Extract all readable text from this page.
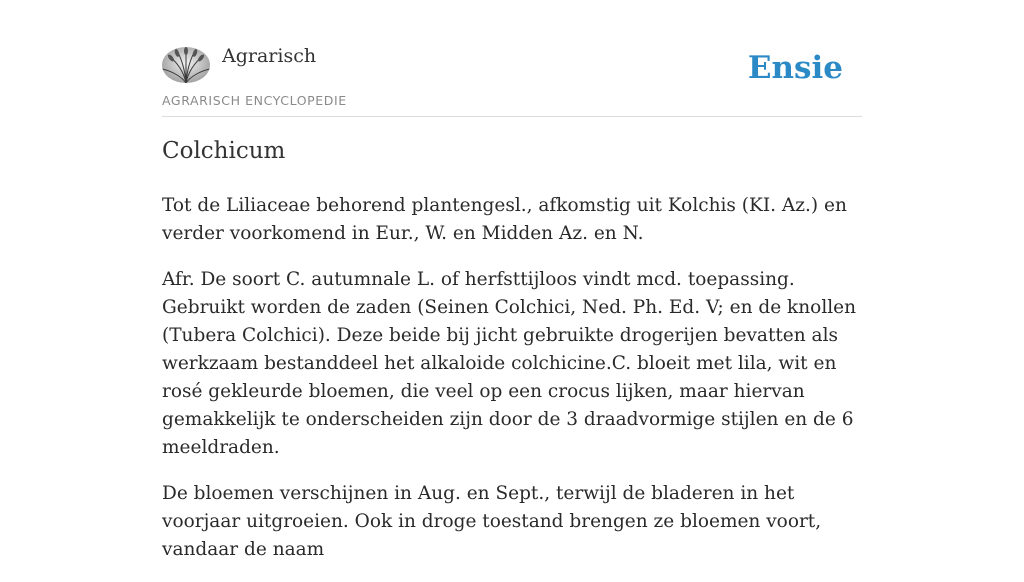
Agrarisch
AGRARISCH ENCYCLOPEDIE
Ensie
Colchicum

Tot de Liliaceae behorend plantengesl., afkomstig uit Kolchis (KI. Az.) en verder voorkomend in Eur., W. en Midden Az. en N.

Afr. De soort C. autumnale L. of herfsttijloos vindt mcd. toepassing. Gebruikt worden de zaden (Seinen Colchici, Ned. Ph. Ed. V; en de knollen (Tubera Colchici). Deze beide bij jicht gebruikte drogerijen bevatten als werkzaam bestanddeel het alkaloide colchicine.C. bloeit met lila, wit en rosé gekleurde bloemen, die veel op een crocus lijken, maar hiervan gemakkelijk te onderscheiden zijn door de 3 draadvormige stijlen en de 6 meeldraden.

De bloemen verschijnen in Aug. en Sept., terwijl de bladeren in het voorjaar uitgroeien. Ook in droge toestand brengen ze bloemen voort, vandaar de naam
